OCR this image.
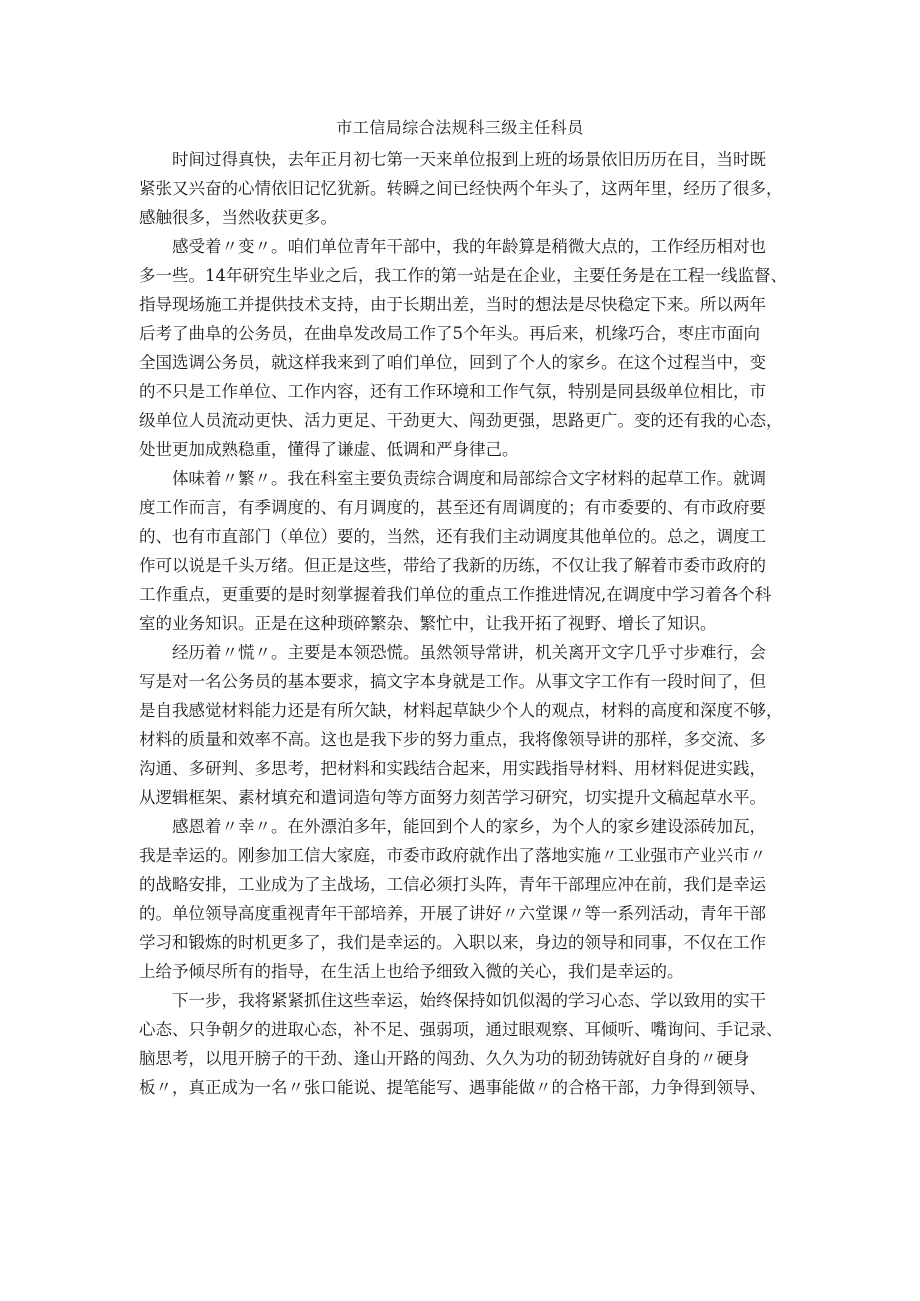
市工信局综合法规科三级主任科员

时间过得真快，去年正月初七第一天来单位报到上班的场景依旧历历在目，当时既
紧张又兴奋的心情依旧记忆犹新。转瞬之间已经快两个年头了，这两年里，经历了很多，
感触很多，当然收获更多。

感受着〃变〃。咱们单位青年干部中，我的年龄算是稍微大点的，工作经历相对也
多一些。14年研究生毕业之后，我工作的第一站是在企业，主要任务是在工程一线监督、
指导现场施工并提供技术支持，由于长期出差，当时的想法是尽快稳定下来。所以两年
后考了曲阜的公务员，在曲阜发改局工作了5个年头。再后来，机缘巧合，枣庄市面向
全国选调公务员，就这样我来到了咱们单位，回到了个人的家乡。在这个过程当中，变
的不只是工作单位、工作内容，还有工作环境和工作气氛，特别是同县级单位相比，市
级单位人员流动更快、活力更足、干劲更大、闯劲更强，思路更广。变的还有我的心态，
处世更加成熟稳重，懂得了谦虚、低调和严身律己。

体味着〃繁〃。我在科室主要负责综合调度和局部综合文字材料的起草工作。就调
度工作而言，有季调度的、有月调度的，甚至还有周调度的；有市委要的、有市政府要
的、也有市直部门（单位）要的，当然，还有我们主动调度其他单位的。总之，调度工
作可以说是千头万绪。但正是这些，带给了我新的历练，不仅让我了解着市委市政府的
工作重点，更重要的是时刻掌握着我们单位的重点工作推进情况,在调度中学习着各个科
室的业务知识。正是在这种琐碎繁杂、繁忙中，让我开拓了视野、增长了知识。

经历着〃慌〃。主要是本领恐慌。虽然领导常讲，机关离开文字几乎寸步难行，会
写是对一名公务员的基本要求，搞文字本身就是工作。从事文字工作有一段时间了，但
是自我感觉材料能力还是有所欠缺，材料起草缺少个人的观点，材料的高度和深度不够，
材料的质量和效率不高。这也是我下步的努力重点，我将像领导讲的那样，多交流、多
沟通、多研判、多思考，把材料和实践结合起来，用实践指导材料、用材料促进实践，
从逻辑框架、素材填充和遣词造句等方面努力刻苦学习研究，切实提升文稿起草水平。

感恩着〃幸〃。在外漂泊多年，能回到个人的家乡，为个人的家乡建设添砖加瓦，
我是幸运的。刚参加工信大家庭，市委市政府就作出了落地实施〃工业强市产业兴市〃
的战略安排，工业成为了主战场，工信必须打头阵，青年干部理应冲在前，我们是幸运
的。单位领导高度重视青年干部培养，开展了讲好〃六堂课〃等一系列活动，青年干部
学习和锻炼的时机更多了，我们是幸运的。入职以来，身边的领导和同事，不仅在工作
上给予倾尽所有的指导，在生活上也给予细致入微的关心，我们是幸运的。

下一步，我将紧紧抓住这些幸运，始终保持如饥似渴的学习心态、学以致用的实干
心态、只争朝夕的进取心态，补不足、强弱项，通过眼观察、耳倾听、嘴询问、手记录、
脑思考，以甩开膀子的干劲、逢山开路的闯劲、久久为功的韧劲铸就好自身的〃硬身
板〃，真正成为一名〃张口能说、提笔能写、遇事能做〃的合格干部，力争得到领导、
